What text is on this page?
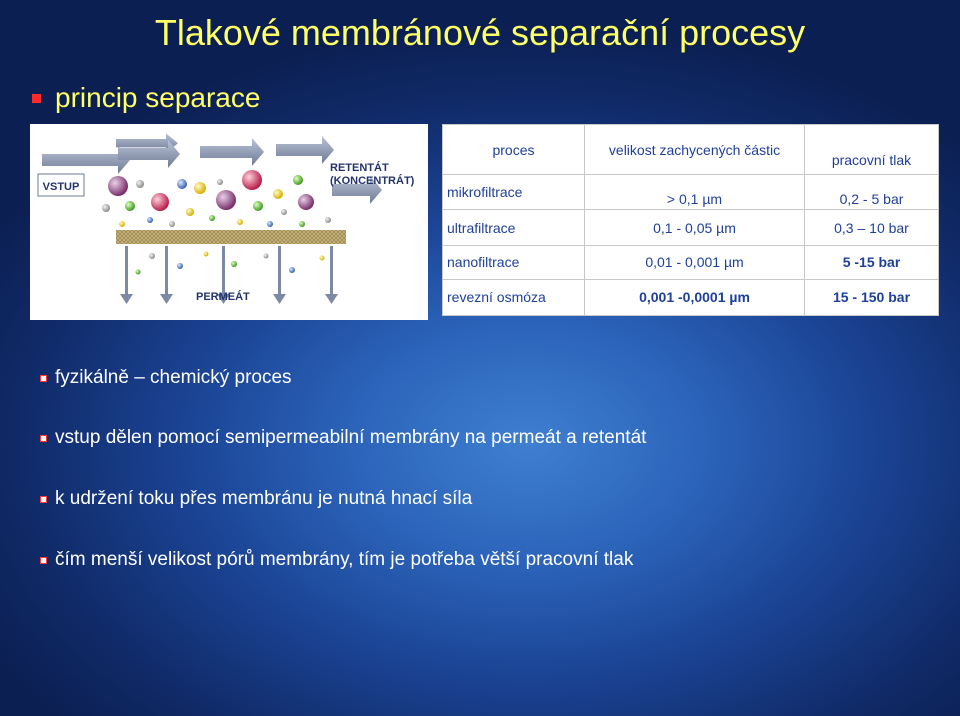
Tlakové membránové separační procesy
princip separace
VSTUP
RETENTÁT
(KONCENTRÁT)
PERMEÁT
proces	velikost zachycených částic	pracovní tlak
mikrofiltrace	> 0,1 µm	0,2 - 5 bar
ultrafiltrace	0,1 - 0,05 µm	0,3 – 10 bar
nanofiltrace	0,01 - 0,001 µm	5 -15 bar
revezní osmóza	0,001 -0,0001 µm	15 - 150 bar
fyzikálně – chemický proces
vstup dělen pomocí semipermeabilní membrány na permeát a retentát
k udržení toku přes membránu je nutná hnací síla
čím menší velikost pórů membrány, tím je potřeba větší pracovní tlak
